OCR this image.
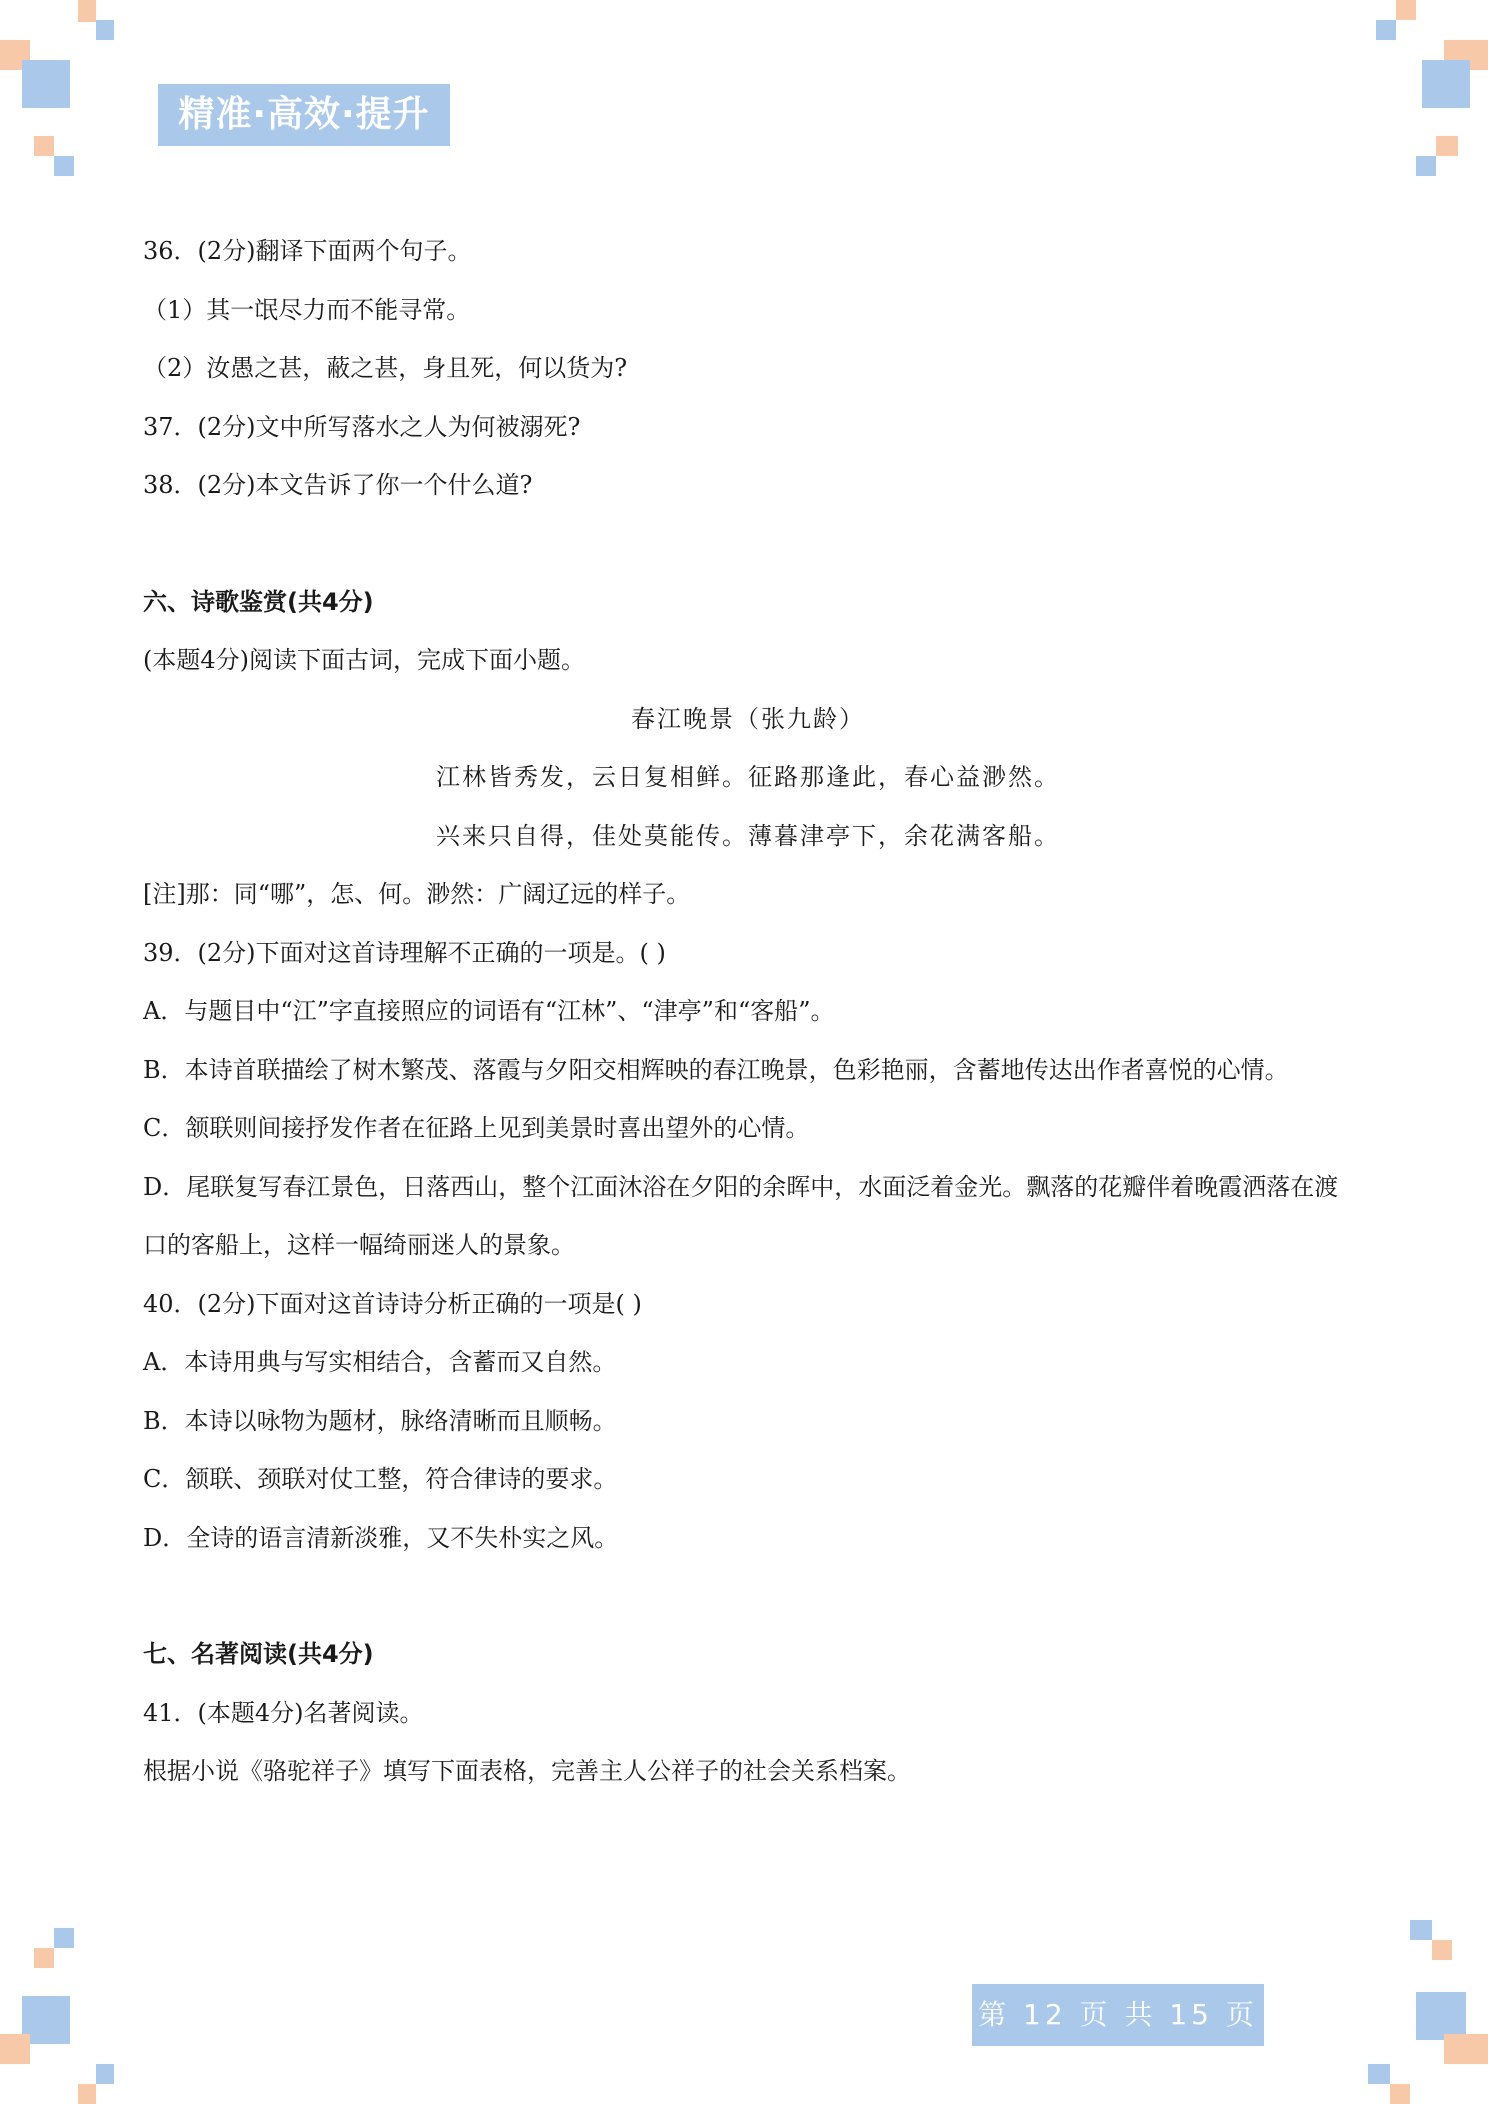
精准·高效·提升
36．(2分)翻译下面两个句子。
（1）其一氓尽力而不能寻常。
（2）汝愚之甚，蔽之甚，身且死，何以货为?
37．(2分)文中所写落水之人为何被溺死?
38．(2分)本文告诉了你一个什么道?
六、诗歌鉴赏(共4分)
(本题4分)阅读下面古词，完成下面小题。
春江晚景（张九龄）
江林皆秀发，云日复相鲜。征路那逢此，春心益渺然。
兴来只自得，佳处莫能传。薄暮津亭下，余花满客船。
[注]那：同“哪”，怎、何。渺然：广阔辽远的样子。
39．(2分)下面对这首诗理解不正确的一项是。( )
A．与题目中“江”字直接照应的词语有“江林”、“津亭”和“客船”。
B．本诗首联描绘了树木繁茂、落霞与夕阳交相辉映的春江晚景，色彩艳丽，含蓄地传达出作者喜悦的心情。
C．颔联则间接抒发作者在征路上见到美景时喜出望外的心情。
D．尾联复写春江景色，日落西山，整个江面沐浴在夕阳的余晖中，水面泛着金光。飘落的花瓣伴着晚霞洒落在渡口的客船上，这样一幅绮丽迷人的景象。
40．(2分)下面对这首诗诗分析正确的一项是( )
A．本诗用典与写实相结合，含蓄而又自然。
B．本诗以咏物为题材，脉络清晰而且顺畅。
C．颔联、颈联对仗工整，符合律诗的要求。
D．全诗的语言清新淡雅，又不失朴实之风。
七、名著阅读(共4分)
41．(本题4分)名著阅读。
根据小说《骆驼祥子》填写下面表格，完善主人公祥子的社会关系档案。
第 12 页 共 15 页
